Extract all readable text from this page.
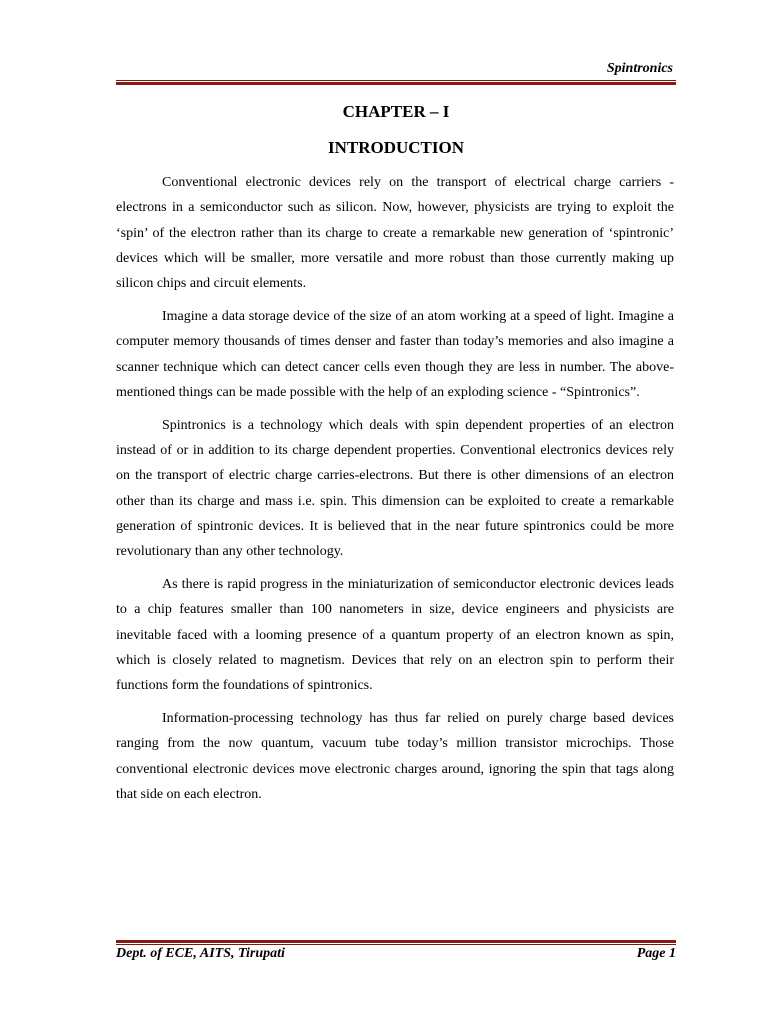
Spintronics
CHAPTER – I
INTRODUCTION

Conventional electronic devices rely on the transport of electrical charge carriers - electrons in a semiconductor such as silicon. Now, however, physicists are trying to exploit the ‘spin’ of the electron rather than its charge to create a remarkable new generation of ‘spintronic’ devices which will be smaller, more versatile and more robust than those currently making up silicon chips and circuit elements.

Imagine a data storage device of the size of an atom working at a speed of light. Imagine a computer memory thousands of times denser and faster than today’s memories and also imagine a scanner technique which can detect cancer cells even though they are less in number. The above-mentioned things can be made possible with the help of an exploding science - “Spintronics”.

Spintronics is a technology which deals with spin dependent properties of an electron instead of or in addition to its charge dependent properties. Conventional electronics devices rely on the transport of electric charge carries-electrons. But there is other dimensions of an electron other than its charge and mass i.e. spin. This dimension can be exploited to create a remarkable generation of spintronic devices. It is believed that in the near future spintronics could be more revolutionary than any other technology.

As there is rapid progress in the miniaturization of semiconductor electronic devices leads to a chip features smaller than 100 nanometers in size, device engineers and physicists are inevitable faced with a looming presence of a quantum property of an electron known as spin, which is closely related to magnetism. Devices that rely on an electron spin to perform their functions form the foundations of spintronics.

Information-processing technology has thus far relied on purely charge based devices ranging from the now quantum, vacuum tube today’s million transistor microchips. Those conventional electronic devices move electronic charges around, ignoring the spin that tags along that side on each electron.

Dept. of ECE, AITS, Tirupati	Page 1
